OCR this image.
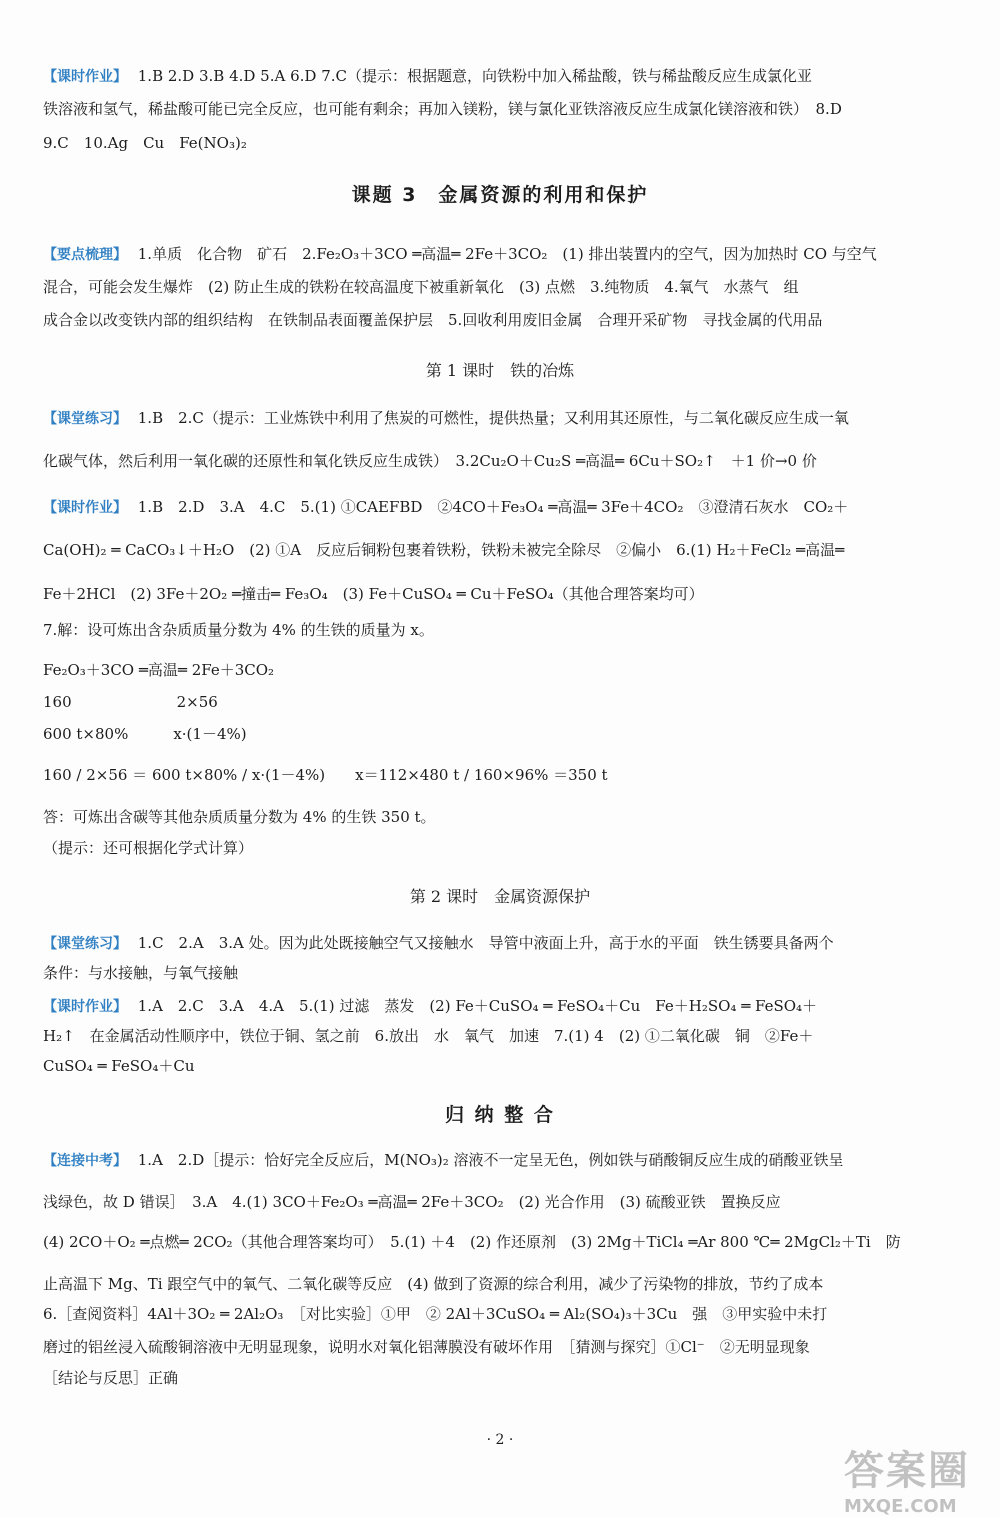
【课时作业】 1.B 2.D 3.B 4.D 5.A 6.D 7.C（提示：根据题意，向铁粉中加入稀盐酸，铁与稀盐酸反应生成氯化亚
铁溶液和氢气，稀盐酸可能已完全反应，也可能有剩余；再加入镁粉，镁与氯化亚铁溶液反应生成氯化镁溶液和铁）　8.D
9.C　10.Ag　Cu　Fe(NO₃)₂
课题 3　金属资源的利用和保护
【要点梳理】 1.单质　化合物　矿石　2.Fe₂O₃＋3CO ═高温═ 2Fe＋3CO₂　(1) 排出装置内的空气，因为加热时 CO 与空气
混合，可能会发生爆炸　(2) 防止生成的铁粉在较高温度下被重新氧化　(3) 点燃　3.纯物质　4.氧气　水蒸气　组
成合金以改变铁内部的组织结构　在铁制品表面覆盖保护层　5.回收利用废旧金属　合理开采矿物　寻找金属的代用品
第 1 课时　铁的冶炼
【课堂练习】 1.B　2.C（提示：工业炼铁中利用了焦炭的可燃性，提供热量；又利用其还原性，与二氧化碳反应生成一氧
化碳气体，然后利用一氧化碳的还原性和氧化铁反应生成铁）　3.2Cu₂O＋Cu₂S ═高温═ 6Cu＋SO₂↑　＋1 价→0 价
【课时作业】 1.B　2.D　3.A　4.C　5.(1) ①CAEFBD　②4CO＋Fe₃O₄ ═高温═ 3Fe＋4CO₂　③澄清石灰水　CO₂＋
Ca(OH)₂ ═ CaCO₃↓＋H₂O　(2) ①A　反应后铜粉包裹着铁粉，铁粉未被完全除尽　②偏小　6.(1) H₂＋FeCl₂ ═高温═
Fe＋2HCl　(2) 3Fe＋2O₂ ═撞击═ Fe₃O₄　(3) Fe＋CuSO₄ ═ Cu＋FeSO₄（其他合理答案均可）
7.解：设可炼出含杂质质量分数为 4% 的生铁的质量为 x。
Fe₂O₃＋3CO ═高温═ 2Fe＋3CO₂
160　　　　　　　2×56
600 t×80%　　　x·(1－4%)
160 / 2×56 ＝ 600 t×80% / x·(1－4%)　　x＝112×480 t / 160×96% ＝350 t
答：可炼出含碳等其他杂质质量分数为 4% 的生铁 350 t。
（提示：还可根据化学式计算）
第 2 课时　金属资源保护
【课堂练习】 1.C　2.A　3.A 处。因为此处既接触空气又接触水　导管中液面上升，高于水的平面　铁生锈要具备两个
条件：与水接触，与氧气接触
【课时作业】 1.A　2.C　3.A　4.A　5.(1) 过滤　蒸发　(2) Fe＋CuSO₄ ═ FeSO₄＋Cu　Fe＋H₂SO₄ ═ FeSO₄＋
H₂↑　在金属活动性顺序中，铁位于铜、氢之前　6.放出　水　氧气　加速　7.(1) 4　(2) ①二氧化碳　铜　②Fe＋
CuSO₄ ═ FeSO₄＋Cu
归 纳 整 合
【连接中考】 1.A　2.D［提示：恰好完全反应后，M(NO₃)₂ 溶液不一定呈无色，例如铁与硝酸铜反应生成的硝酸亚铁呈
浅绿色，故 D 错误］　3.A　4.(1) 3CO＋Fe₂O₃ ═高温═ 2Fe＋3CO₂　(2) 光合作用　(3) 硫酸亚铁　置换反应
(4) 2CO＋O₂ ═点燃═ 2CO₂（其他合理答案均可）　5.(1) ＋4　(2) 作还原剂　(3) 2Mg＋TiCl₄ ═Ar 800 ℃═ 2MgCl₂＋Ti　防
止高温下 Mg、Ti 跟空气中的氧气、二氧化碳等反应　(4) 做到了资源的综合利用，减少了污染物的排放，节约了成本
6.［查阅资料］4Al＋3O₂ ═ 2Al₂O₃　［对比实验］①甲　② 2Al＋3CuSO₄ ═ Al₂(SO₄)₃＋3Cu　强　③甲实验中未打
磨过的铝丝浸入硫酸铜溶液中无明显现象，说明水对氧化铝薄膜没有破坏作用　［猜测与探究］①Cl⁻　②无明显现象
［结论与反思］正确
· 2 ·
答案圈
MXQE.COM
